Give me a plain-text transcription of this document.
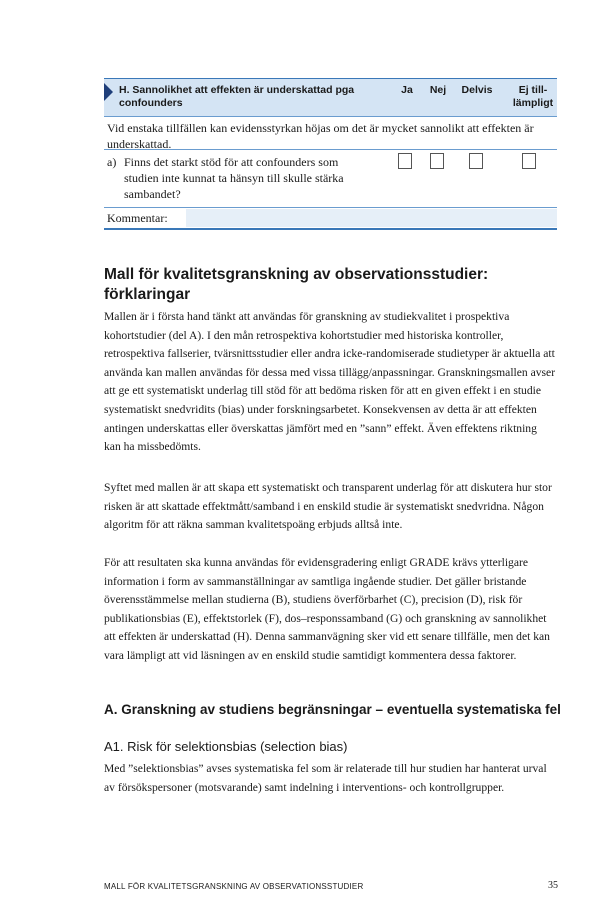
H. Sannolikhet att effekten är underskattad pga confounders
Ja	Nej	Delvis	Ej till-lämpligt
Vid enstaka tillfällen kan evidensstyrkan höjas om det är mycket sannolikt att effekten är underskattad.
a) Finns det starkt stöd för att confounders som studien inte kunnat ta hänsyn till skulle stärka sambandet?
Kommentar:
Mall för kvalitetsgranskning av observationsstudier: förklaringar

Mallen är i första hand tänkt att användas för granskning av studiekvalitet i prospektiva kohortstudier (del A). I den mån retrospektiva kohortstudier med historiska kontroller, retrospektiva fallserier, tvärsnittsstudier eller andra icke-randomiserade studietyper är aktuella att använda kan mallen användas för dessa med vissa tillägg/anpassningar. Granskningsmallen avser att ge ett systematiskt underlag till stöd för att bedöma risken för att en given effekt i en studie systematiskt snedvridits (bias) under forskningsarbetet. Konsekvensen av detta är att effekten antingen underskattas eller överskattas jämfört med en ”sann” effekt. Även effektens riktning kan ha missbedömts.

Syftet med mallen är att skapa ett systematiskt och transparent underlag för att diskutera hur stor risken är att skattade effektmått/samband i en enskild studie är systematiskt snedvridna. Någon algoritm för att räkna samman kvalitetspoäng erbjuds alltså inte.

För att resultaten ska kunna användas för evidensgradering enligt GRADE krävs ytterligare information i form av sammanställningar av samtliga ingående studier. Det gäller bristande överensstämmelse mellan studierna (B), studiens överförbarhet (C), precision (D), risk för publikationsbias (E), effektstorlek (F), dos–responssamband (G) och granskning av sannolikhet att effekten är underskattad (H). Denna sammanvägning sker vid ett senare tillfälle, men det kan vara lämpligt att vid läsningen av en enskild studie samtidigt kommentera dessa faktorer.

A. Granskning av studiens begränsningar – eventuella systematiska fel
A1. Risk för selektionsbias (selection bias)

Med ”selektionsbias” avses systematiska fel som är relaterade till hur studien har hanterat urval av försökspersoner (motsvarande) samt indelning i interventions- och kontrollgrupper.

MALL FÖR KVALITETSGRANSKNING AV OBSERVATIONSSTUDIER	35
